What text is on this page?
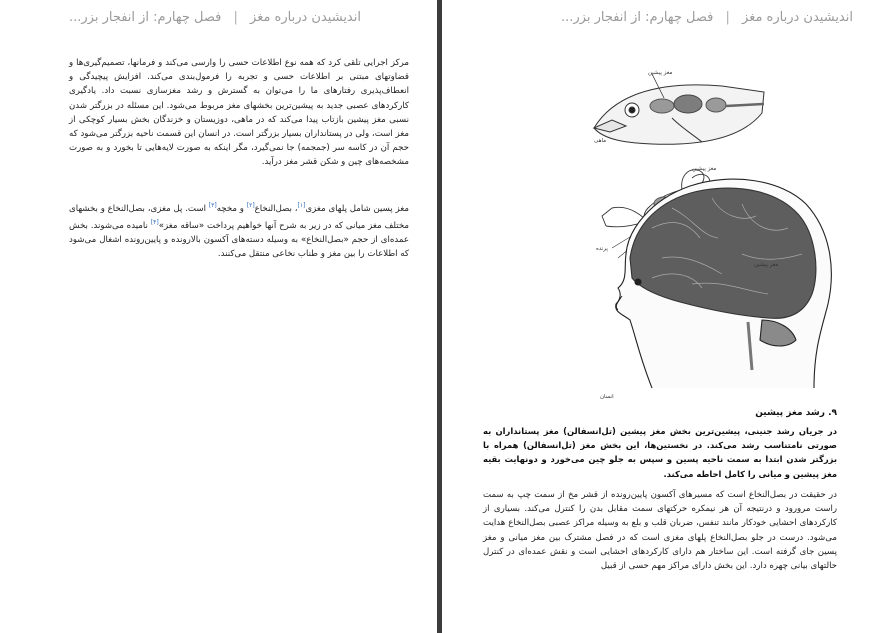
اندیشیدن درباره مغز | فصل چهارم: از انفجار بزر...
مرکز اجرایی تلقی کرد که همه نوع اطلاعات حسی را وارسی می‌کند و فرمانها، تصمیم‌گیری‌ها و قضاوتهای مبتنی بر اطلاعات حسی و تجربه را فرمول‌بندی می‌کند. افزایش پیچیدگی و انعطاف‌پذیری رفتارهای ما را می‌توان به گسترش و رشد مغزسازی نسبت داد. یادگیری کارکردهای عصبی جدید به پیشین‌ترین بخشهای مغز مربوط می‌شود. این مسئله در بزرگتر شدن نسبی مغز پیشین بازتاب پیدا می‌کند که در ماهی، دوزیستان و خزندگان بخش بسیار کوچکی از مغز است، ولی در پستانداران بسیار بزرگتر است. در انسان این قسمت ناحیه بزرگتر می‌شود که حجم آن در کاسه سر (جمجمه) جا نمی‌گیرد، مگر اینکه به صورت لایه‌هایی تا بخورد و به صورت مشخصه‌های چین و شکن قشر مغز درآید.
مغز پسین شامل پلهای مغزی[۱]، بصل‌النخاع[۲] و مخچه[۳] است. پل مغزی، بصل‌النخاع و بخشهای مختلف مغز میانی که در زیر به شرح آنها خواهیم پرداخت «ساقه مغز»[۴] نامیده می‌شوند. بخش عمده‌ای از حجم «بصل‌النخاع» به وسیله دسته‌های آکسون بالارونده و پایین‌رونده اشغال می‌شود که اطلاعات را بین مغز و طناب نخاعی منتقل می‌کنند.
اندیشیدن درباره مغز | فصل چهارم: از انفجار بزر...
مغز پیشین
ماهی
مغز پیشین
پرنده
مغز پیشین
انسان
۹. رشد مغز پیشین
در جریان رشد جنینی، پیشین‌ترین بخش مغز پیشین (تل‌انسفالن) مغز پستانداران به صورتی نامتناسب رشد می‌کند. در نخستین‌ها، این بخش مغز (تل‌انسفالن) همراه با بزرگتر شدن ابتدا به سمت ناحیه پسین و سپس به جلو چین می‌خورد و دونهایت بقیه مغز پیشین و میانی را کامل احاطه می‌کند.
در حقیقت در بصل‌النخاع است که مسیرهای آکسون پایین‌رونده از قشر مخ از سمت چپ به سمت راست مرورود و درنتیجه آن هر نیمکره حرکتهای سمت مقابل بدن را کنترل می‌کند. بسیاری از کارکردهای احشایی خودکار مانند تنفس، ضربان قلب و بلع به وسیله مراکز عصبی بصل‌النخاع هدایت می‌شود. درست در جلو بصل‌النخاع پلهای مغزی است که در فصل مشترک بین مغز میانی و مغز پسین جای گرفته است. این ساختار هم دارای کارکردهای احشایی است و نقش عمده‌ای در کنترل حالتهای بیانی چهره دارد. این بخش دارای مراکز مهم حسی از قبیل
